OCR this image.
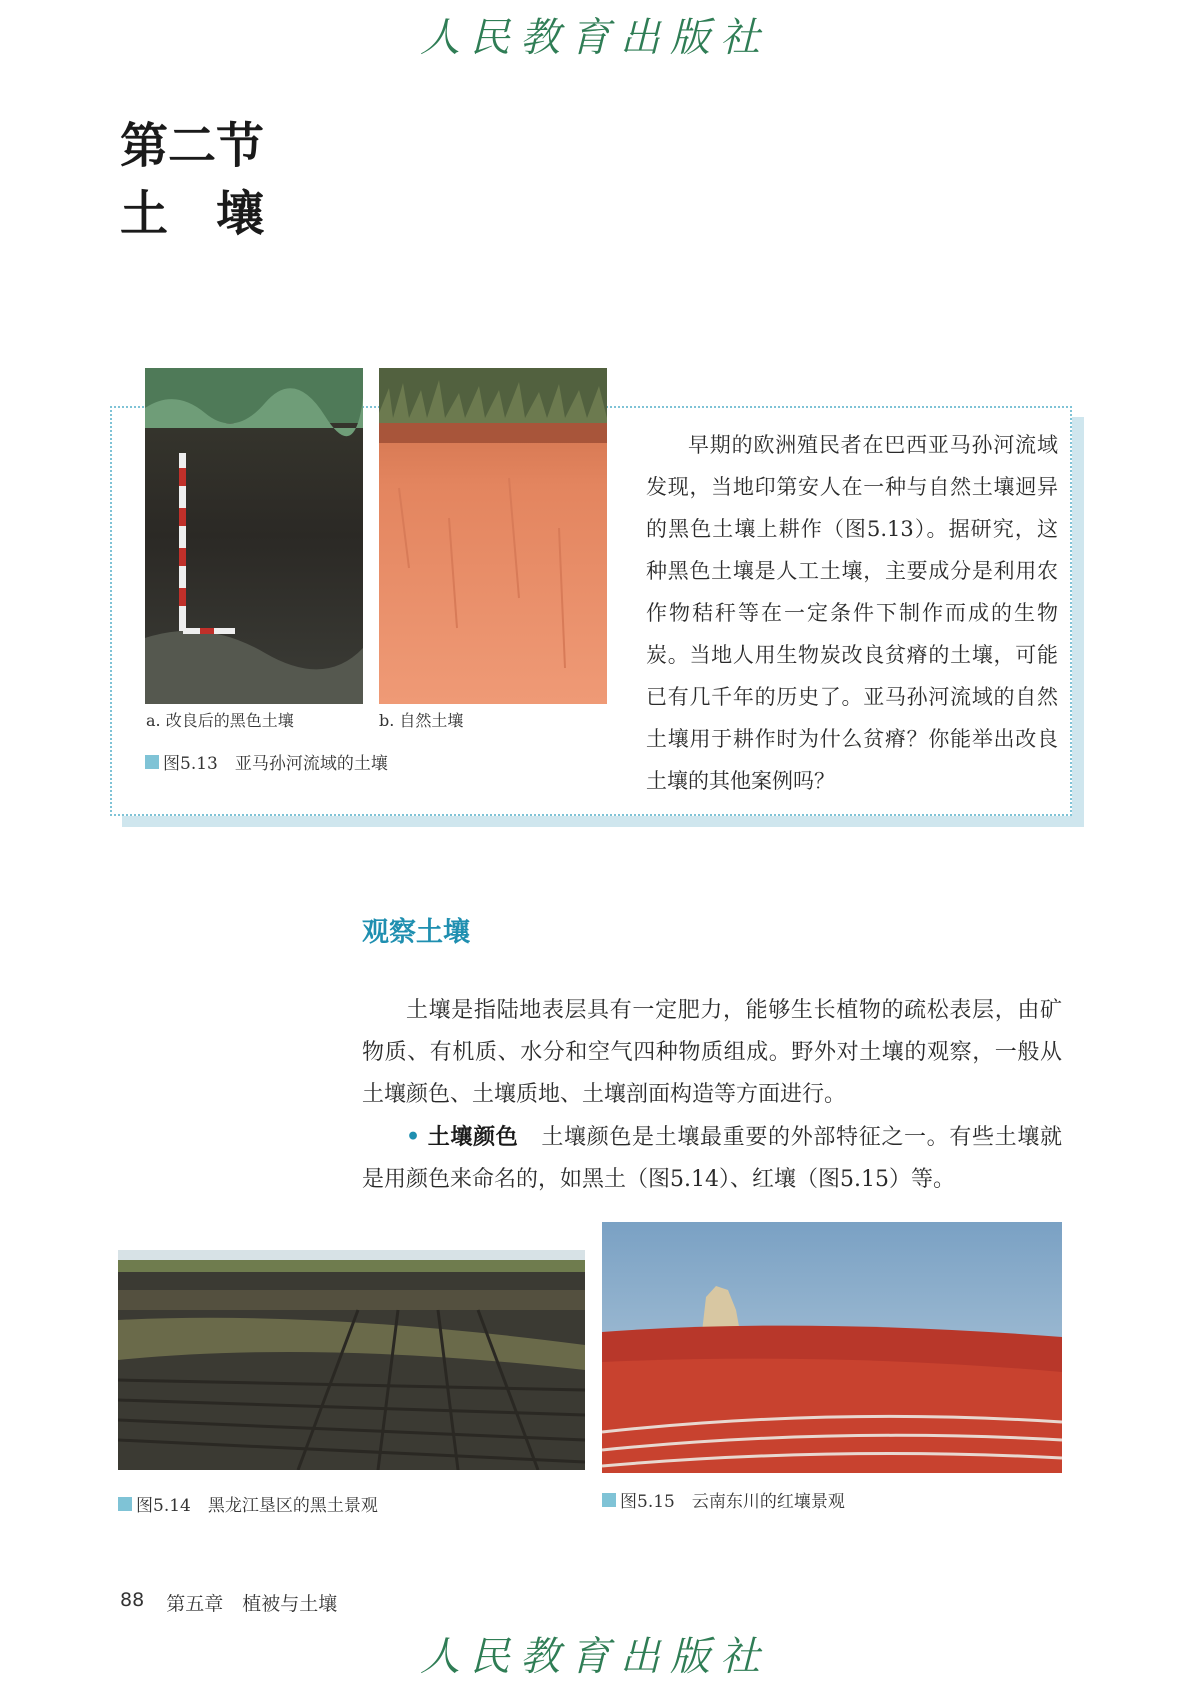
人民教育出版社
第二节
土　壤
a. 改良后的黑色土壤	b. 自然土壤
图5.13　亚马孙河流域的土壤
早期的欧洲殖民者在巴西亚马孙河流域发现，当地印第安人在一种与自然土壤迥异的黑色土壤上耕作（图5.13）。据研究，这种黑色土壤是人工土壤，主要成分是利用农作物秸秆等在一定条件下制作而成的生物炭。当地人用生物炭改良贫瘠的土壤，可能已有几千年的历史了。亚马孙河流域的自然土壤用于耕作时为什么贫瘠？你能举出改良土壤的其他案例吗？
观察土壤
土壤是指陆地表层具有一定肥力，能够生长植物的疏松表层，由矿物质、有机质、水分和空气四种物质组成。野外对土壤的观察，一般从土壤颜色、土壤质地、土壤剖面构造等方面进行。
• 土壤颜色 土壤颜色是土壤最重要的外部特征之一。有些土壤就是用颜色来命名的，如黑土（图5.14）、红壤（图5.15）等。
图5.14　黑龙江垦区的黑土景观	图5.15　云南东川的红壤景观
88 第五章　植被与土壤
人民教育出版社
